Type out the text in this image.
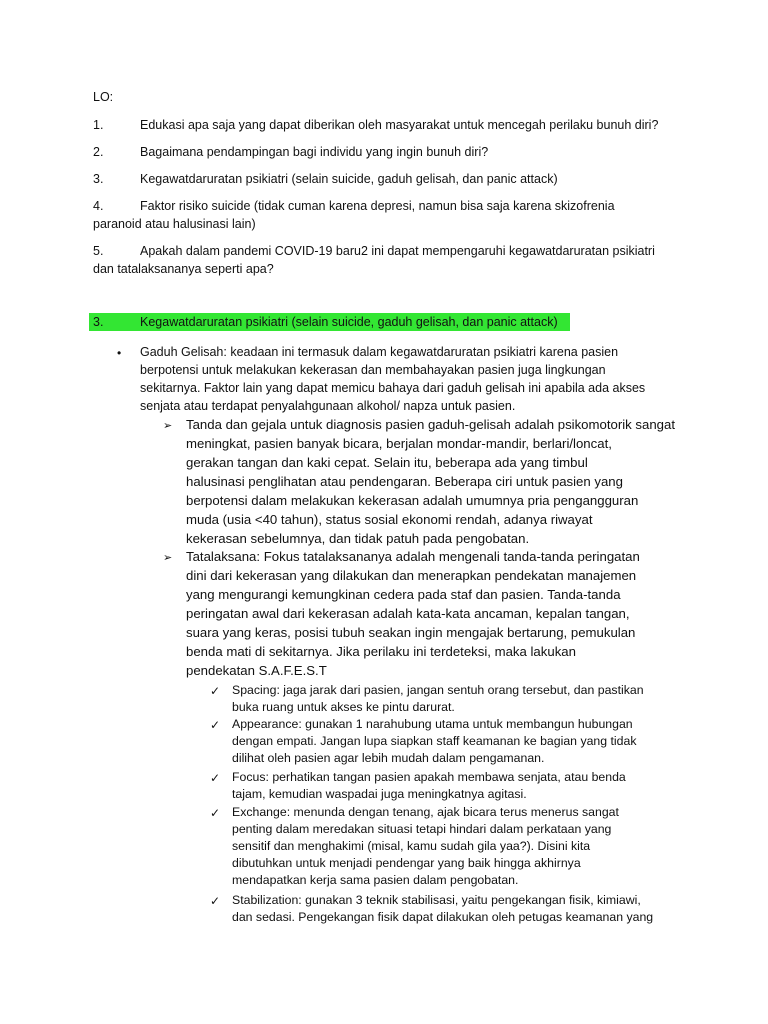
LO:
1.	Edukasi apa saja yang dapat diberikan oleh masyarakat untuk mencegah perilaku bunuh diri?
2.	Bagaimana pendampingan bagi individu yang ingin bunuh diri?
3.	Kegawatdaruratan psikiatri (selain suicide, gaduh gelisah, dan panic attack)
4.	Faktor risiko suicide (tidak cuman karena depresi, namun bisa saja karena skizofrenia
paranoid atau halusinasi lain)
5.	Apakah dalam pandemi COVID-19 baru2 ini dapat mempengaruhi kegawatdaruratan psikiatri
dan tatalaksananya seperti apa?
3.	Kegawatdaruratan psikiatri (selain suicide, gaduh gelisah, dan panic attack)
• Gaduh Gelisah: keadaan ini termasuk dalam kegawatdaruratan psikiatri karena pasien
berpotensi untuk melakukan kekerasan dan membahayakan pasien juga lingkungan
sekitarnya. Faktor lain yang dapat memicu bahaya dari gaduh gelisah ini apabila ada akses
senjata atau terdapat penyalahgunaan alkohol/ napza untuk pasien.
➢ Tanda dan gejala untuk diagnosis pasien gaduh-gelisah adalah psikomotorik sangat
meningkat, pasien banyak bicara, berjalan mondar-mandir, berlari/loncat,
gerakan tangan dan kaki cepat. Selain itu, beberapa ada yang timbul
halusinasi penglihatan atau pendengaran. Beberapa ciri untuk pasien yang
berpotensi dalam melakukan kekerasan adalah umumnya pria pengangguran
muda (usia <40 tahun), status sosial ekonomi rendah, adanya riwayat
kekerasan sebelumnya, dan tidak patuh pada pengobatan.
➢ Tatalaksana: Fokus tatalaksananya adalah mengenali tanda-tanda peringatan
dini dari kekerasan yang dilakukan dan menerapkan pendekatan manajemen
yang mengurangi kemungkinan cedera pada staf dan pasien. Tanda-tanda
peringatan awal dari kekerasan adalah kata-kata ancaman, kepalan tangan,
suara yang keras, posisi tubuh seakan ingin mengajak bertarung, pemukulan
benda mati di sekitarnya. Jika perilaku ini terdeteksi, maka lakukan
pendekatan S.A.F.E.S.T
✓ Spacing: jaga jarak dari pasien, jangan sentuh orang tersebut, dan pastikan
buka ruang untuk akses ke pintu darurat.
✓ Appearance: gunakan 1 narahubung utama untuk membangun hubungan
dengan empati. Jangan lupa siapkan staff keamanan ke bagian yang tidak
dilihat oleh pasien agar lebih mudah dalam pengamanan.
✓ Focus: perhatikan tangan pasien apakah membawa senjata, atau benda
tajam, kemudian waspadai juga meningkatnya agitasi.
✓ Exchange: menunda dengan tenang, ajak bicara terus menerus sangat
penting dalam meredakan situasi tetapi hindari dalam perkataan yang
sensitif dan menghakimi (misal, kamu sudah gila yaa?). Disini kita
dibutuhkan untuk menjadi pendengar yang baik hingga akhirnya
mendapatkan kerja sama pasien dalam pengobatan.
✓ Stabilization: gunakan 3 teknik stabilisasi, yaitu pengekangan fisik, kimiawi,
dan sedasi. Pengekangan fisik dapat dilakukan oleh petugas keamanan yang
